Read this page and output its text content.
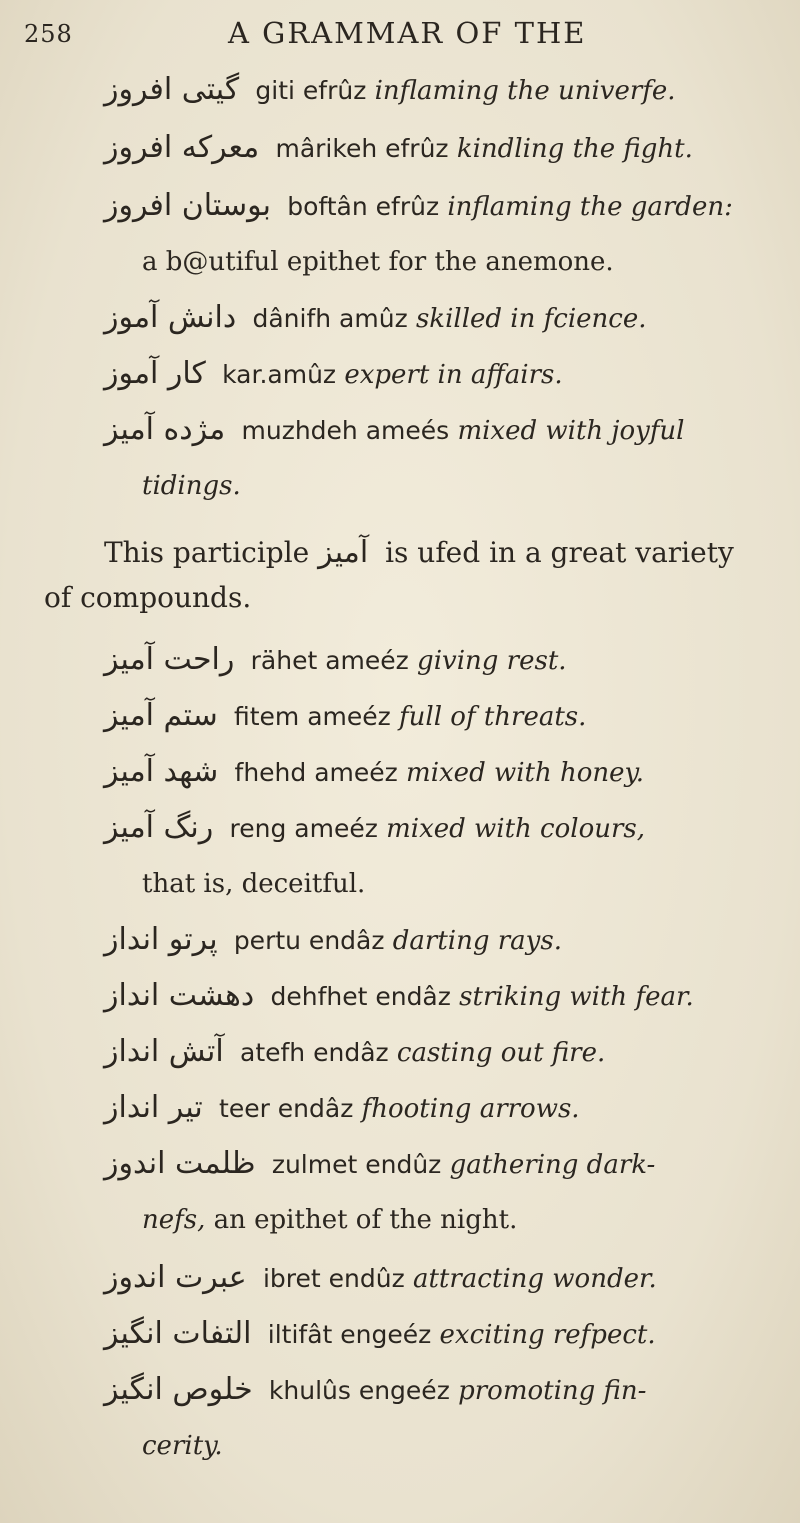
258	A GRAMMAR OF THE
گیتی افروز giti efrûz inflaming the univerfe.
معرکه افروز mârikeh efrûz kindling the fight.
بوستان افروز boftân efrûz inflaming the garden:
a b@utiful epithet for the anemone.
دانش آموز dânifh amûz skilled in fcience.
کار آموز kar.amûz expert in affairs.
مژده آمیز muzhdeh ameés mixed with joyful
tidings.
This participle آمیز is ufed in a great variety
of compounds.
راحت آمیز rähet ameéz giving rest.
ستم آمیز fitem ameéz full of threats.
شهد آمیز fhehd ameéz mixed with honey.
رنگ آمیز reng ameéz mixed with colours,
that is, deceitful.
پرتو انداز pertu endâz darting rays.
دهشت انداز dehfhet endâz striking with fear.
آتش انداز atefh endâz casting out fire.
تیر انداز teer endâz fhooting arrows.
ظلمت اندوز zulmet endûz gathering dark-
nefs, an epithet of the night.
عبرت اندوز ibret endûz attracting wonder.
التفات انگیز iltifât engeéz exciting refpect.
خلوص انگیز khulûs engeéz promoting fin-
cerity.
